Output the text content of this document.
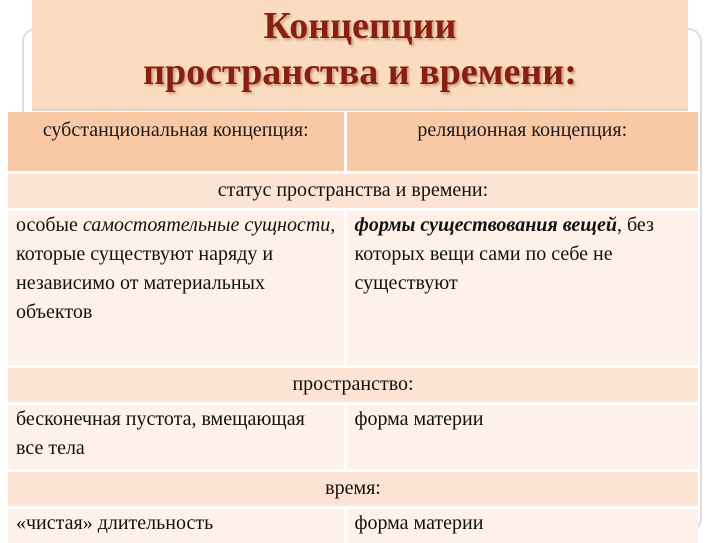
Концепции
пространства и времени:
субстанциональная концепция:	реляционная концепция:
статус пространства и времени:	
особые самостоятельные сущности, которые существуют наряду и независимо от материальных объектов	формы существования вещей, без которых вещи сами по себе не существуют
пространство:	
бесконечная пустота, вмещающая все тела	форма материи
время:	
«чистая» длительность	форма материи
